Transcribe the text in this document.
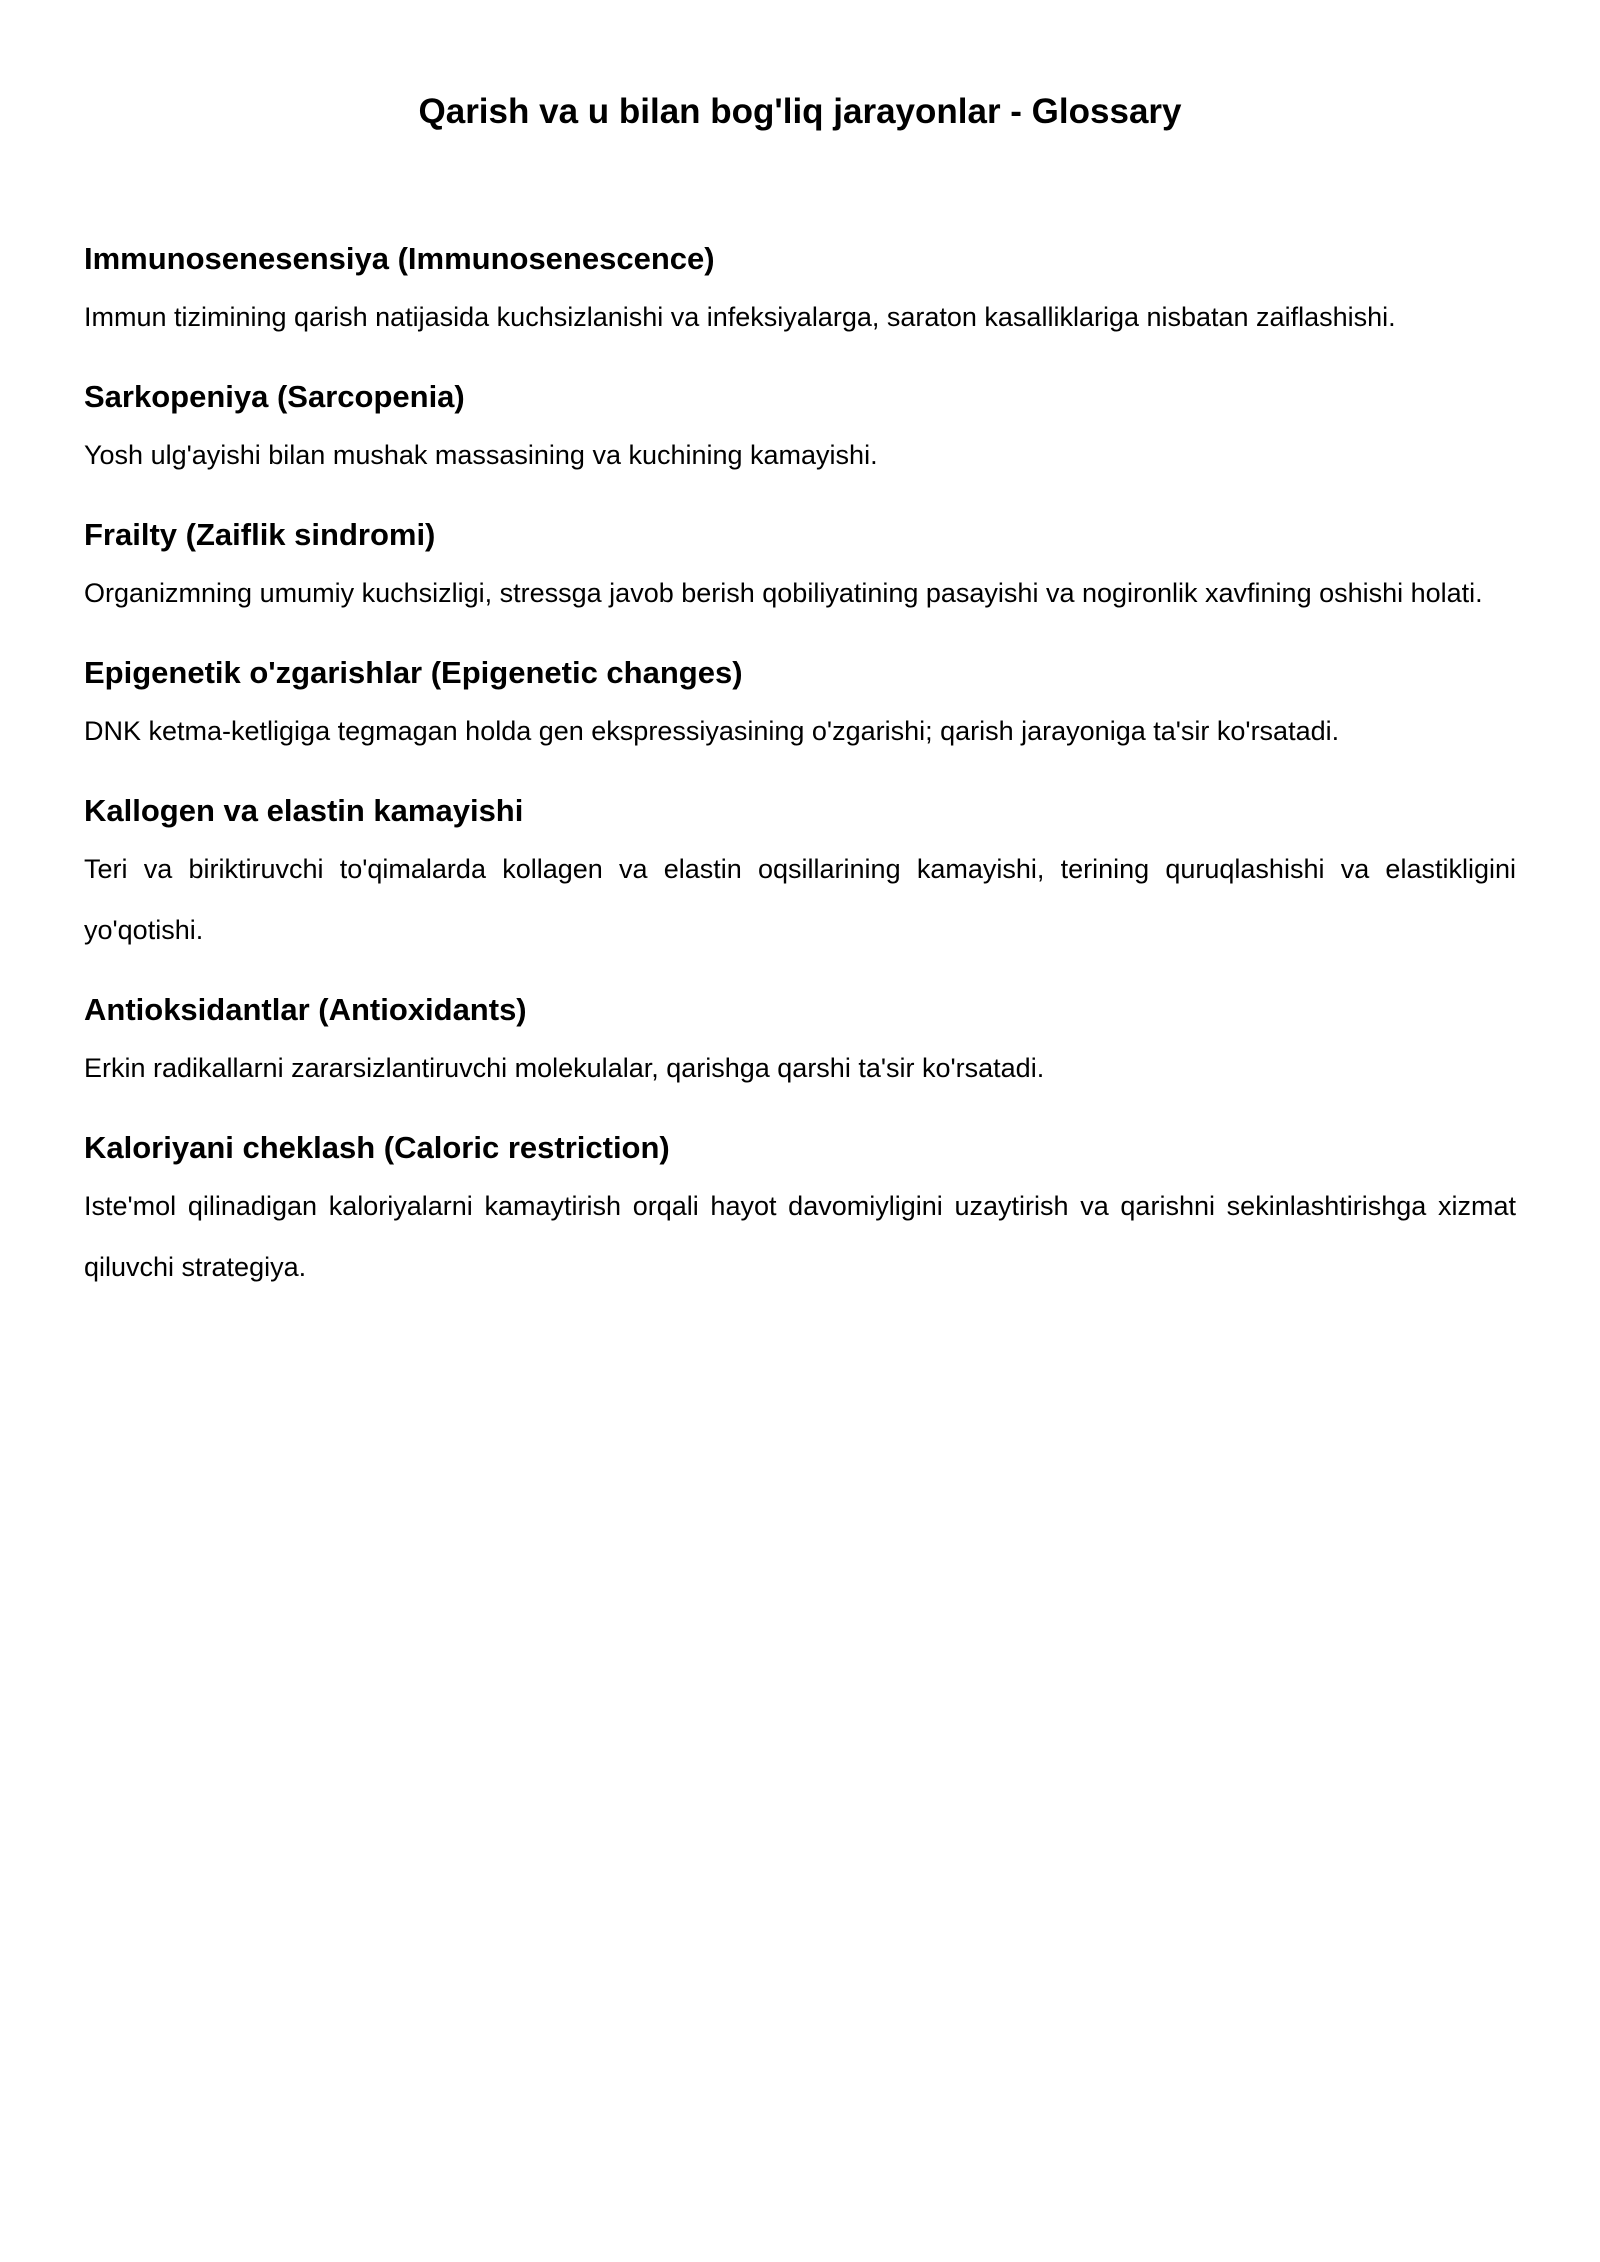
Qarish va u bilan bog'liq jarayonlar - Glossary
Immunosenesensiya (Immunosenescence)

Immun tizimining qarish natijasida kuchsizlanishi va infeksiyalarga, saraton kasalliklariga nisbatan zaiflashishi.

Sarkopeniya (Sarcopenia)

Yosh ulg'ayishi bilan mushak massasining va kuchining kamayishi.

Frailty (Zaiflik sindromi)

Organizmning umumiy kuchsizligi, stressga javob berish qobiliyatining pasayishi va nogironlik xavfining oshishi holati.

Epigenetik o'zgarishlar (Epigenetic changes)

DNK ketma-ketligiga tegmagan holda gen ekspressiyasining o'zgarishi; qarish jarayoniga ta'sir ko'rsatadi.

Kallogen va elastin kamayishi

Teri va biriktiruvchi to'qimalarda kollagen va elastin oqsillarining kamayishi, terining quruqlashishi va elastikligini yo'qotishi.

Antioksidantlar (Antioxidants)

Erkin radikallarni zararsizlantiruvchi molekulalar, qarishga qarshi ta'sir ko'rsatadi.

Kaloriyani cheklash (Caloric restriction)

Iste'mol qilinadigan kaloriyalarni kamaytirish orqali hayot davomiyligini uzaytirish va qarishni sekinlashtirishga xizmat qiluvchi strategiya.
